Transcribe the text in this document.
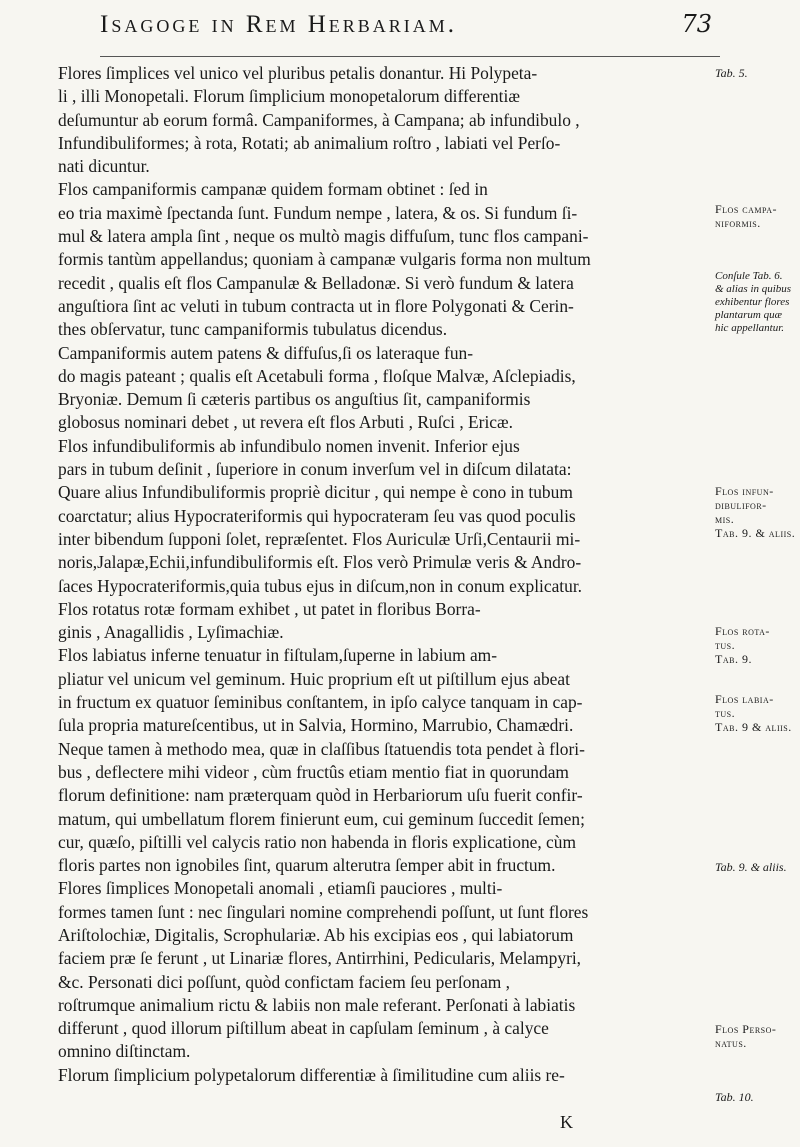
Isagoge in Rem Herbariam.	73
Flores ſimplices vel unico vel pluribus petalis donantur. Hi Polypeta-
li , illi Monopetali. Florum ſimplicium monopetalorum differentiæ
deſumuntur ab eorum formâ. Campaniformes, à Campana; ab infundibulo ,
Infundibuliformes; à rota, Rotati; ab animalium roſtro , labiati vel Perſo-
nati dicuntur.
Flos campaniformis campanæ quidem formam obtinet : ſed in
eo tria maximè ſpectanda ſunt. Fundum nempe , latera, & os. Si fundum ſi-
mul & latera ampla ſint , neque os multò magis diffuſum, tunc flos campani-
formis tantùm appellandus; quoniam à campanæ vulgaris forma non multum
recedit , qualis eſt flos Campanulæ & Belladonæ. Si verò fundum & latera
anguſtiora ſint ac veluti in tubum contracta ut in flore Polygonati & Cerin-
thes obſervatur, tunc campaniformis tubulatus dicendus.
Campaniformis autem patens & diffuſus,ſi os lateraque fun-
do magis pateant ; qualis eſt Acetabuli forma , floſque Malvæ, Aſclepiadis,
Bryoniæ. Demum ſi cæteris partibus os anguſtius ſit, campaniformis
globosus nominari debet , ut revera eſt flos Arbuti , Ruſci , Ericæ.
Flos infundibuliformis ab infundibulo nomen invenit. Inferior ejus
pars in tubum deſinit , ſuperiore in conum inverſum vel in diſcum dilatata:
Quare alius Infundibuliformis propriè dicitur , qui nempe è cono in tubum
coarctatur; alius Hypocrateriformis qui hypocrateram ſeu vas quod poculis
inter bibendum ſupponi ſolet, repræſentet. Flos Auriculæ Urſi,Centaurii mi-
noris,Jalapæ,Echii,infundibuliformis eſt. Flos verò Primulæ veris & Andro-
ſaces Hypocrateriformis,quia tubus ejus in diſcum,non in conum explicatur.
Flos rotatus rotæ formam exhibet , ut patet in floribus Borra-
ginis , Anagallidis , Lyſimachiæ.
Flos labiatus inferne tenuatur in fiſtulam,ſuperne in labium am-
pliatur vel unicum vel geminum. Huic proprium eſt ut piſtillum ejus abeat
in fructum ex quatuor ſeminibus conſtantem, in ipſo calyce tanquam in cap-
ſula propria matureſcentibus, ut in Salvia, Hormino, Marrubio, Chamædri.
Neque tamen à methodo mea, quæ in claſſibus ſtatuendis tota pendet à flori-
bus , deflectere mihi videor , cùm fructûs etiam mentio fiat in quorundam
florum definitione: nam præterquam quòd in Herbariorum uſu fuerit confir-
matum, qui umbellatum florem finierunt eum, cui geminum ſuccedit ſemen;
cur, quæſo, piſtilli vel calycis ratio non habenda in floris explicatione, cùm
floris partes non ignobiles ſint, quarum alterutra ſemper abit in fructum.
Flores ſimplices Monopetali anomali , etiamſi pauciores , multi-
formes tamen ſunt : nec ſingulari nomine comprehendi poſſunt, ut ſunt flores
Ariſtolochiæ, Digitalis, Scrophulariæ. Ab his excipias eos , qui labiatorum
faciem præ ſe ferunt , ut Linariæ flores, Antirrhini, Pedicularis, Melampyri,
&c. Personati dici poſſunt, quòd confictam faciem ſeu perſonam ,
roſtrumque animalium rictu & labiis non male referant. Perſonati à labiatis
differunt , quod illorum piſtillum abeat in capſulam ſeminum , à calyce
omnino diſtinctam.
Florum ſimplicium polypetalorum differentiæ à ſimilitudine cum aliis re-
Tab. 5.
Flos campa-
niformis.
Conſule Tab. 6.
& alias in quibus
exhibentur flores
plantarum quæ
hic appellantur.
Flos infun-
dibulifor-
mis.
Tab. 9. & aliis.
Flos rota-
tus.
Tab. 9.
Flos labia-
tus.
Tab. 9 & aliis.
Tab. 9. & aliis.
Flos Perso-
natus.
Tab. 10.
K
